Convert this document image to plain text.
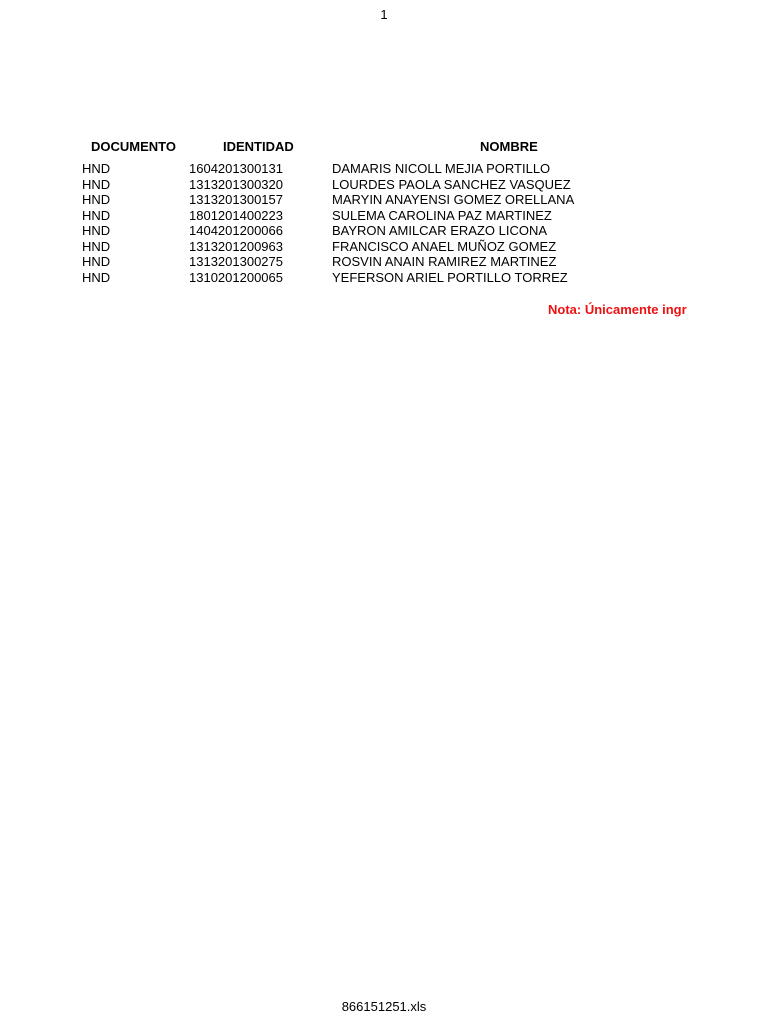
1
DOCUMENTO	IDENTIDAD	NOMBRE
HND	1604201300131	DAMARIS NICOLL MEJIA PORTILLO
HND	1313201300320	LOURDES PAOLA SANCHEZ VASQUEZ
HND	1313201300157	MARYIN ANAYENSI GOMEZ ORELLANA
HND	1801201400223	SULEMA CAROLINA PAZ MARTINEZ
HND	1404201200066	BAYRON AMILCAR ERAZO LICONA
HND	1313201200963	FRANCISCO ANAEL MUÑOZ GOMEZ
HND	1313201300275	ROSVIN ANAIN RAMIREZ MARTINEZ
HND	1310201200065	YEFERSON ARIEL PORTILLO TORREZ
Nota: Únicamente ingr
866151251.xls
